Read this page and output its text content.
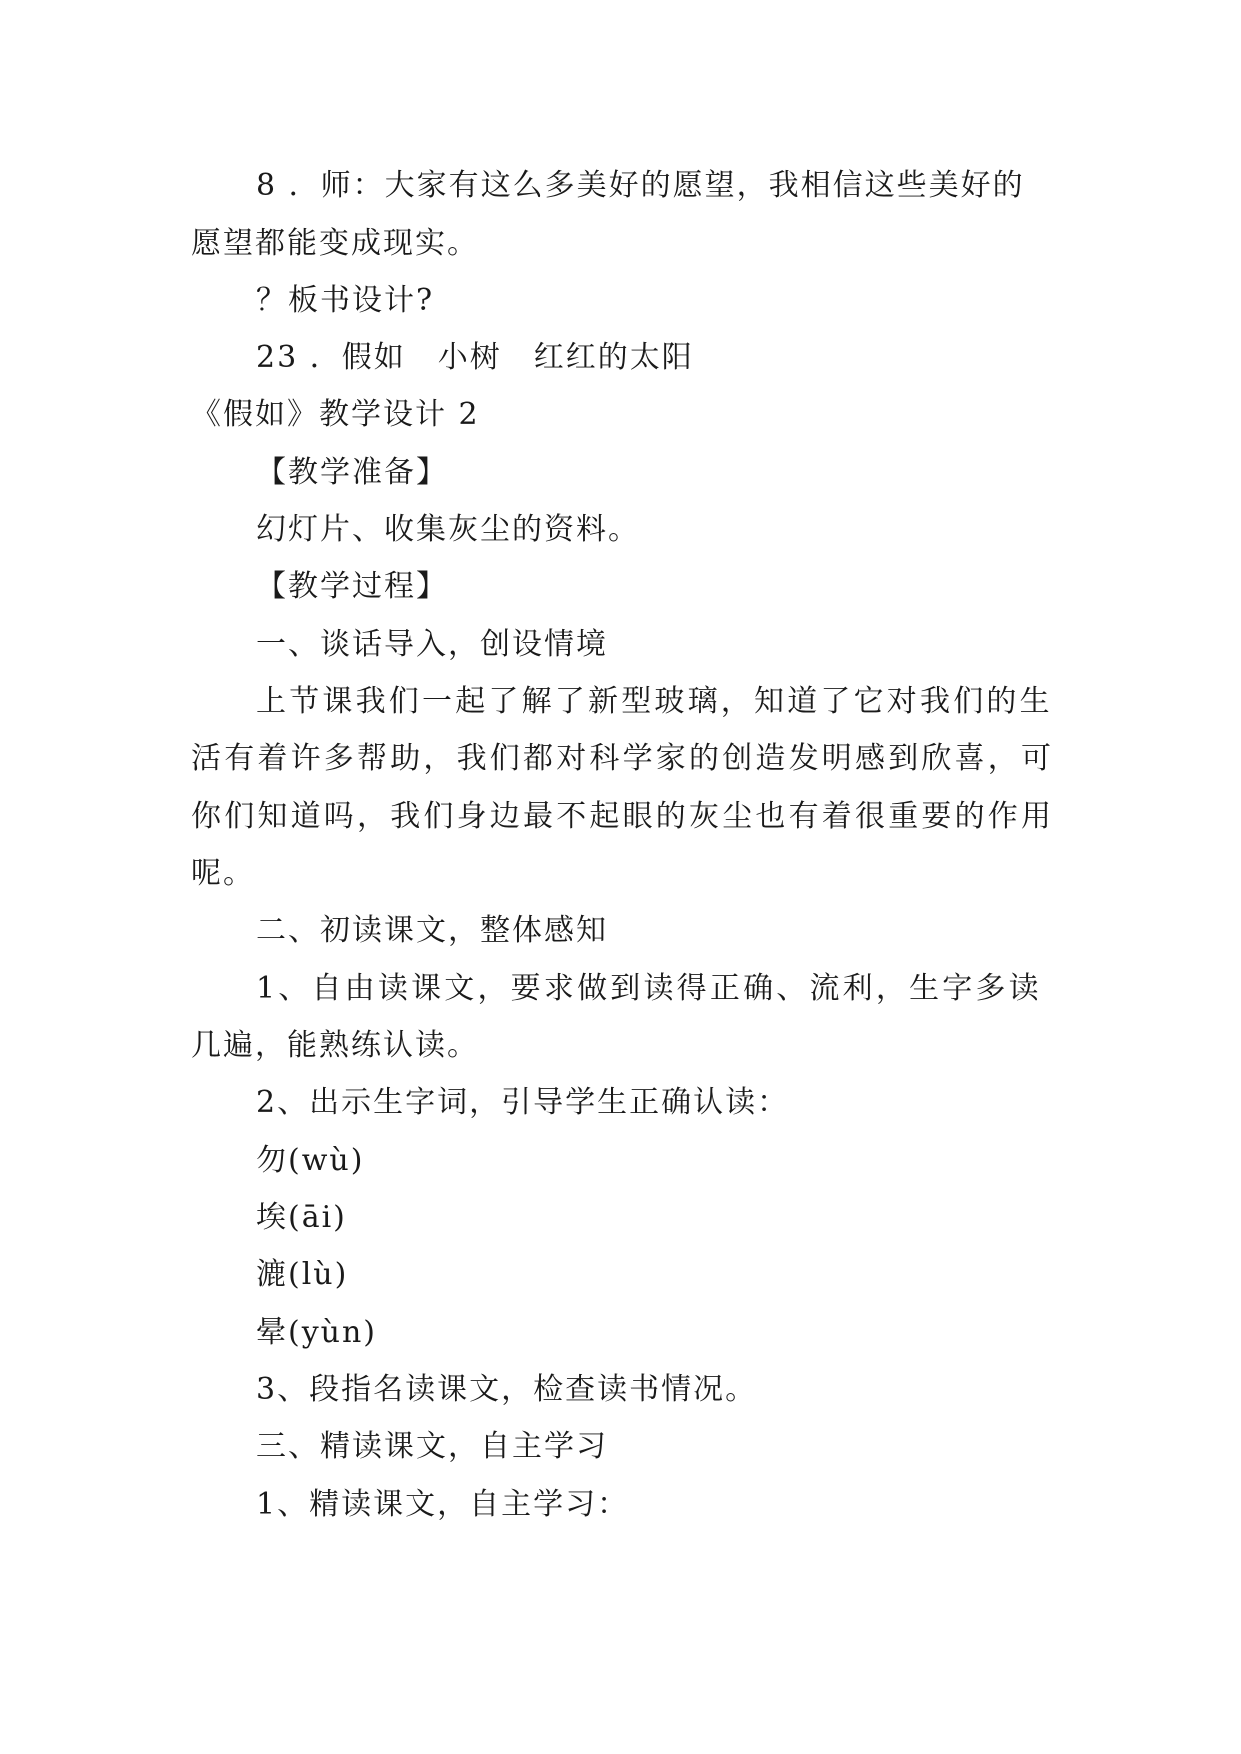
8 ．师：大家有这么多美好的愿望，我相信这些美好的
愿望都能变成现实。
？板书设计?
23 ．假如　小树　红红的太阳
《假如》教学设计 2
【教学准备】
幻灯片、收集灰尘的资料。
【教学过程】
一、谈话导入，创设情境
上节课我们一起了解了新型玻璃，知道了它对我们的生
活有着许多帮助，我们都对科学家的创造发明感到欣喜，可
你们知道吗，我们身边最不起眼的灰尘也有着很重要的作用
呢。
二、初读课文，整体感知
1、自由读课文，要求做到读得正确、流利，生字多读
几遍，能熟练认读。
2、出示生字词，引导学生正确认读：
勿(wù)
埃(āi)
漉(lù)
晕(yùn)
3、段指名读课文，检查读书情况。
三、精读课文，自主学习
1、精读课文，自主学习：
